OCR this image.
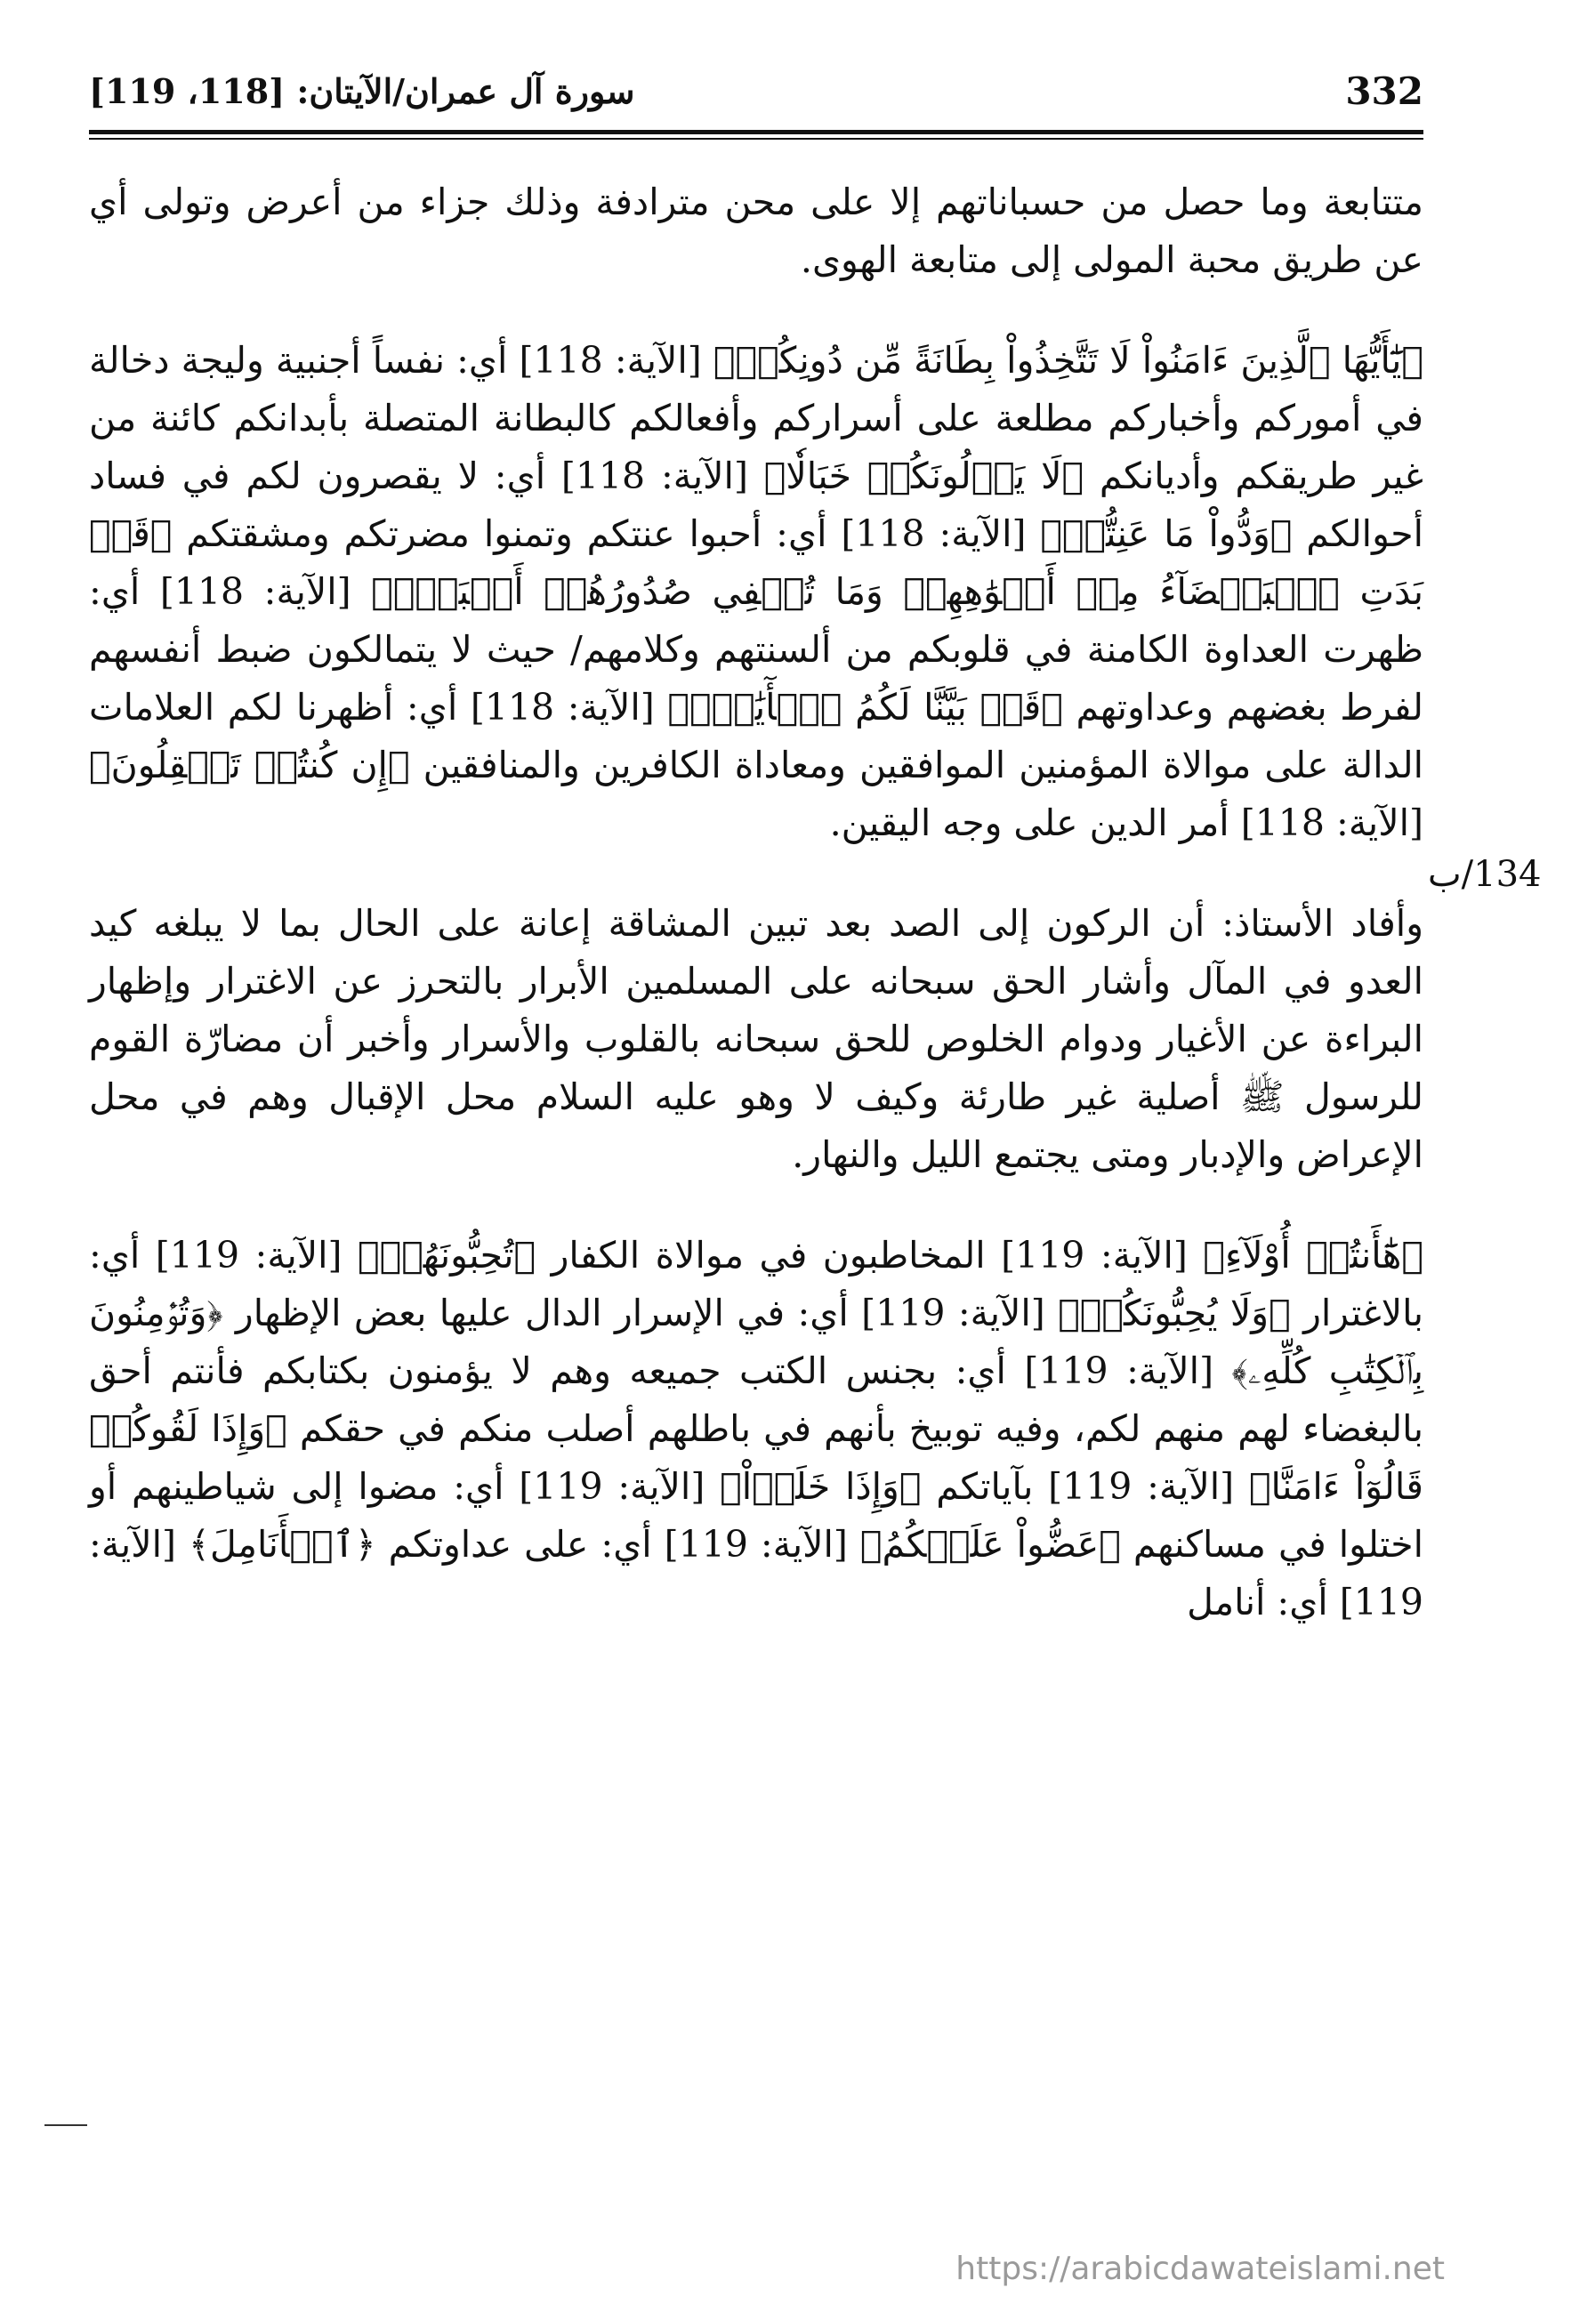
332
سورة آل عمران/الآيتان: [118، 119]

متتابعة وما حصل من حسباناتهم إلا على محن مترادفة وذلك جزاء من أعرض وتولى أي عن طريق محبة المولى إلى متابعة الهوى.

﴿يَٰٓأَيُّهَا ٱلَّذِينَ ءَامَنُواْ لَا تَتَّخِذُواْ بِطَانَةً مِّن دُونِكُمۡ﴾ [الآية: 118] أي: نفساً أجنبية وليجة دخالة في أموركم وأخباركم مطلعة على أسراركم وأفعالكم كالبطانة المتصلة بأبدانكم كائنة من غير طريقكم وأديانكم ﴿لَا يَأۡلُونَكُمۡ خَبَالٗا﴾ [الآية: 118] أي: لا يقصرون لكم في فساد أحوالكم ﴿وَدُّواْ مَا عَنِتُّمۡ﴾ [الآية: 118] أي: أحبوا عنتكم وتمنوا مضرتكم ومشقتكم ﴿قَدۡ بَدَتِ ٱلۡبَغۡضَآءُ مِنۡ أَفۡوَٰهِهِمۡ وَمَا تُخۡفِي صُدُورُهُمۡ أَكۡبَرُۚ﴾ [الآية: 118] أي: ظهرت العداوة الكامنة في قلوبكم من ألسنتهم وكلامهم/ حيث لا يتمالكون ضبط أنفسهم لفرط بغضهم وعداوتهم ﴿قَدۡ بَيَّنَّا لَكُمُ ٱلۡأٓيَٰتِۖ﴾ [الآية: 118] أي: أظهرنا لكم العلامات الدالة على موالاة المؤمنين الموافقين ومعاداة الكافرين والمنافقين ﴿إِن كُنتُمۡ تَعۡقِلُونَ﴾ [الآية: 118] أمر الدين على وجه اليقين.

وأفاد الأستاذ: أن الركون إلى الصد بعد تبين المشاقة إعانة على الحال بما لا يبلغه كيد العدو في المآل وأشار الحق سبحانه على المسلمين الأبرار بالتحرز عن الاغترار وإظهار البراءة عن الأغيار ودوام الخلوص للحق سبحانه بالقلوب والأسرار وأخبر أن مضارّة القوم للرسول ﷺ أصلية غير طارئة وكيف لا وهو عليه السلام محل الإقبال وهم في محل الإعراض والإدبار ومتى يجتمع الليل والنهار.

﴿هَٰٓأَنتُمۡ أُوْلَآءِ﴾ [الآية: 119] المخاطبون في موالاة الكفار ﴿تُحِبُّونَهُمۡ﴾ [الآية: 119] أي: بالاغترار ﴿وَلَا يُحِبُّونَكُمۡ﴾ [الآية: 119] أي: في الإسرار الدال عليها بعض الإظهار ﴿وَتُؤۡمِنُونَ بِٱلۡكِتَٰبِ كُلِّهِۦ﴾ [الآية: 119] أي: بجنس الكتب جميعه وهم لا يؤمنون بكتابكم فأنتم أحق بالبغضاء لهم منهم لكم، وفيه توبيخ بأنهم في باطلهم أصلب منكم في حقكم ﴿وَإِذَا لَقُوكُمۡ قَالُوٓاْ ءَامَنَّا﴾ [الآية: 119] بآياتكم ﴿وَإِذَا خَلَوۡاْ﴾ [الآية: 119] أي: مضوا إلى شياطينهم أو اختلوا في مساكنهم ﴿عَضُّواْ عَلَيۡكُمُ﴾ [الآية: 119] أي: على عداوتكم ﴿ٱلۡأَنَامِلَ﴾ [الآية: 119] أي: أنامل

134/ب
https://arabicdawateislami.net
